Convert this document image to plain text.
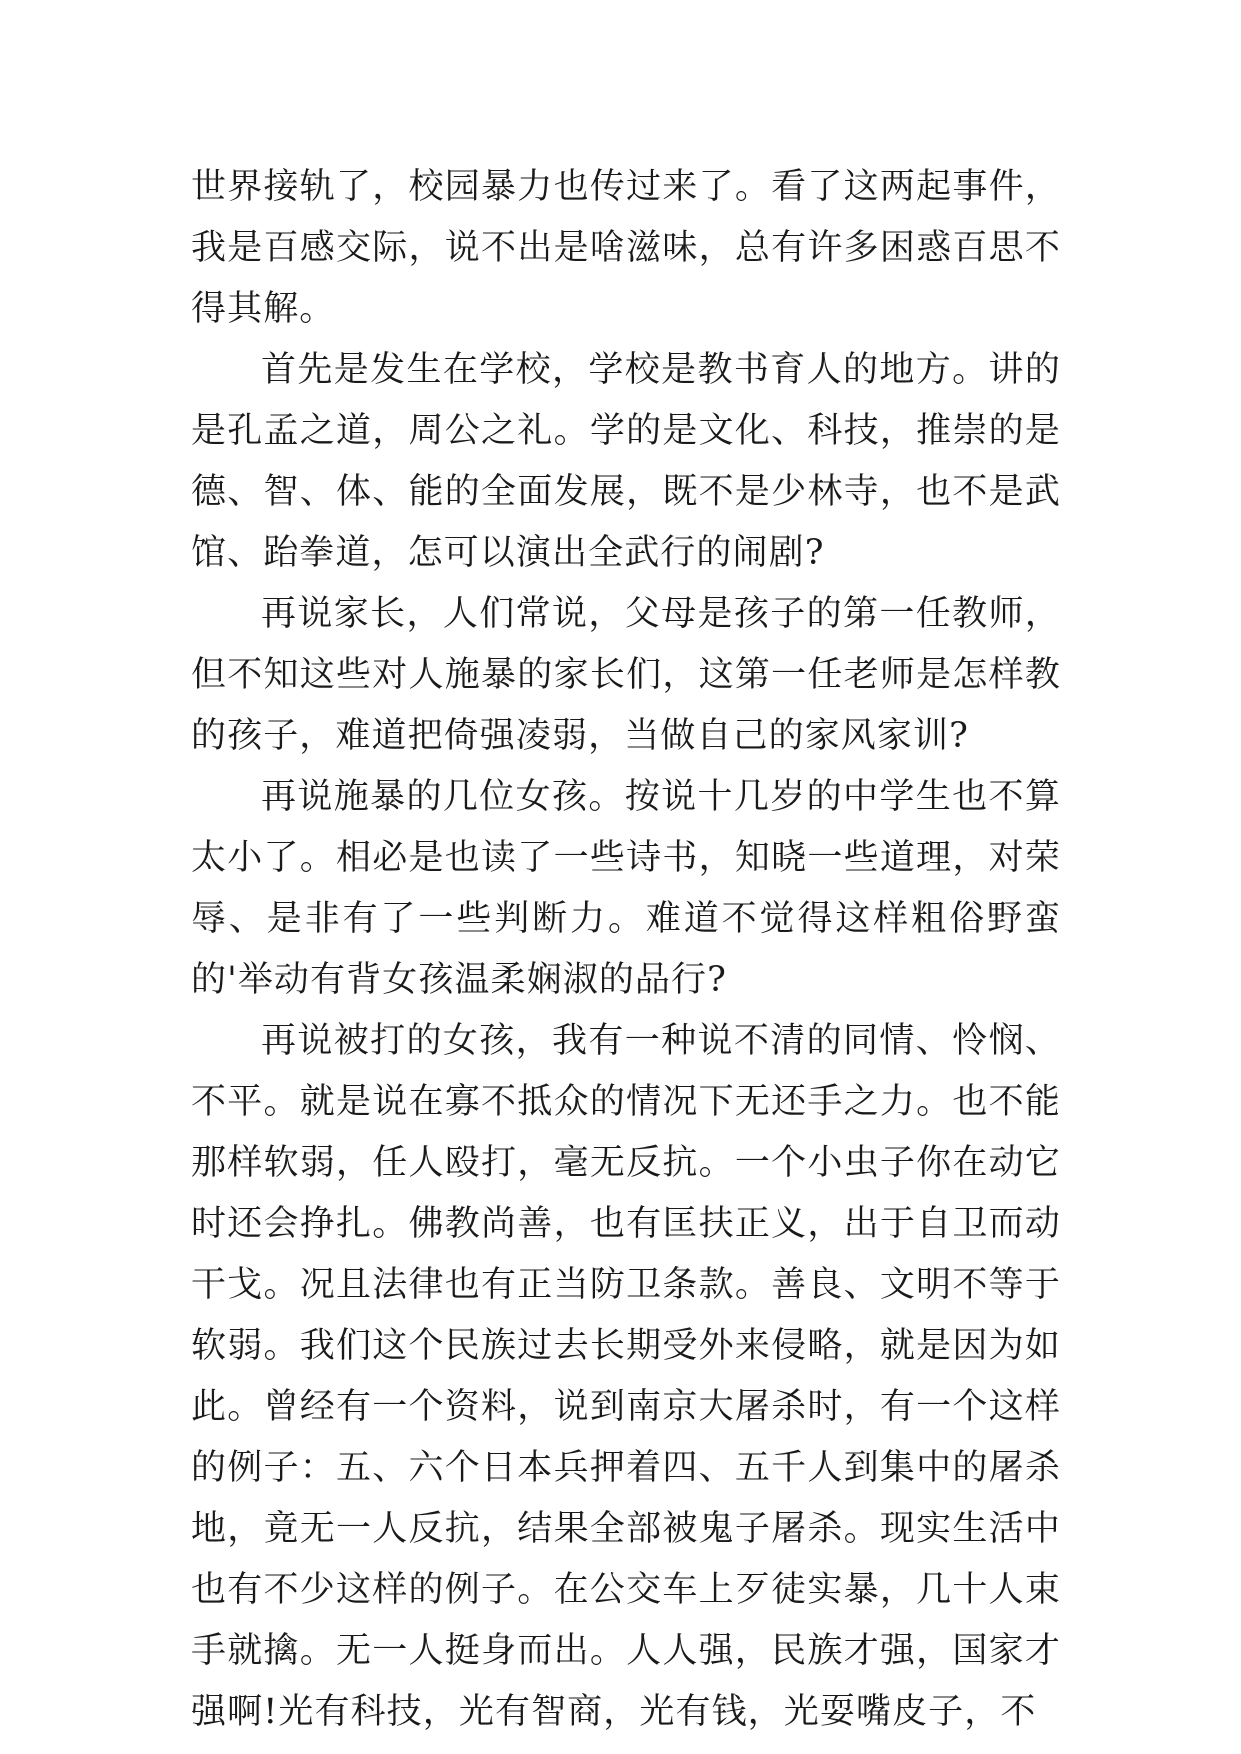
世界接轨了，校园暴力也传过来了。看了这两起事件，我是百感交际，说不出是啥滋味，总有许多困惑百思不得其解。

首先是发生在学校，学校是教书育人的地方。讲的是孔孟之道，周公之礼。学的是文化、科技，推崇的是德、智、体、能的全面发展，既不是少林寺，也不是武馆、跆拳道，怎可以演出全武行的闹剧?

再说家长，人们常说，父母是孩子的第一任教师，但不知这些对人施暴的家长们，这第一任老师是怎样教的孩子，难道把倚强凌弱，当做自己的家风家训?

再说施暴的几位女孩。按说十几岁的中学生也不算太小了。相必是也读了一些诗书，知晓一些道理，对荣辱、是非有了一些判断力。难道不觉得这样粗俗野蛮的'举动有背女孩温柔娴淑的品行?

再说被打的女孩，我有一种说不清的同情、怜悯、不平。就是说在寡不抵众的情况下无还手之力。也不能那样软弱，任人殴打，毫无反抗。一个小虫子你在动它时还会挣扎。佛教尚善，也有匡扶正义，出于自卫而动干戈。况且法律也有正当防卫条款。善良、文明不等于软弱。我们这个民族过去长期受外来侵略，就是因为如此。曾经有一个资料，说到南京大屠杀时，有一个这样的例子：五、六个日本兵押着四、五千人到集中的屠杀地，竟无一人反抗，结果全部被鬼子屠杀。现实生活中也有不少这样的例子。在公交车上歹徒实暴，几十人束手就擒。无一人挺身而出。人人强，民族才强，国家才强啊!光有科技，光有智商，光有钱，光耍嘴皮子，不
